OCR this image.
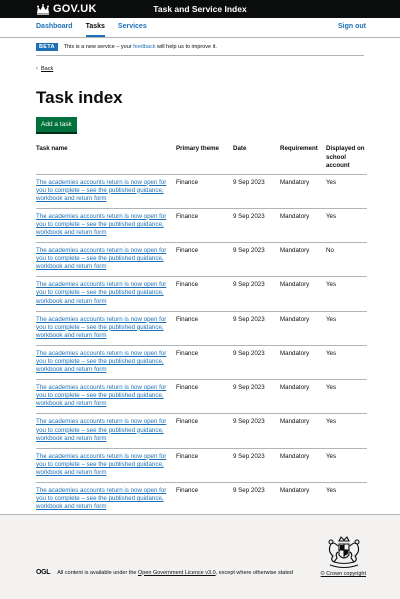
GOV.UK	Task and Service Index
Dashboard Tasks Services	Sign out
BETA	This is a new service – your feedback will help us to improve it.
‹ Back
Task index
Add a task
Task name	Primary theme	Date	Requirement	Displayed on school account
The academies accounts return is now open for you to complete – see the published guidance, workbook and return form	Finance	9 Sep 2023	Mandatory	Yes
The academies accounts return is now open for you to complete – see the published guidance, workbook and return form	Finance	9 Sep 2023	Mandatory	Yes
The academies accounts return is now open for you to complete – see the published guidance, workbook and return form	Finance	9 Sep 2023	Mandatory	No
The academies accounts return is now open for you to complete – see the published guidance, workbook and return form	Finance	9 Sep 2023	Mandatory	Yes
The academies accounts return is now open for you to complete – see the published guidance, workbook and return form	Finance	9 Sep 2023	Mandatory	Yes
The academies accounts return is now open for you to complete – see the published guidance, workbook and return form	Finance	9 Sep 2023	Mandatory	Yes
The academies accounts return is now open for you to complete – see the published guidance, workbook and return form	Finance	9 Sep 2023	Mandatory	Yes
The academies accounts return is now open for you to complete – see the published guidance, workbook and return form	Finance	9 Sep 2023	Mandatory	Yes
The academies accounts return is now open for you to complete – see the published guidance, workbook and return form	Finance	9 Sep 2023	Mandatory	Yes
The academies accounts return is now open for you to complete – see the published guidance, workbook and return form	Finance	9 Sep 2023	Mandatory	Yes
OGL All content is available under the Open Government Licence v3.0, except where otherwise stated	© Crown copyright
